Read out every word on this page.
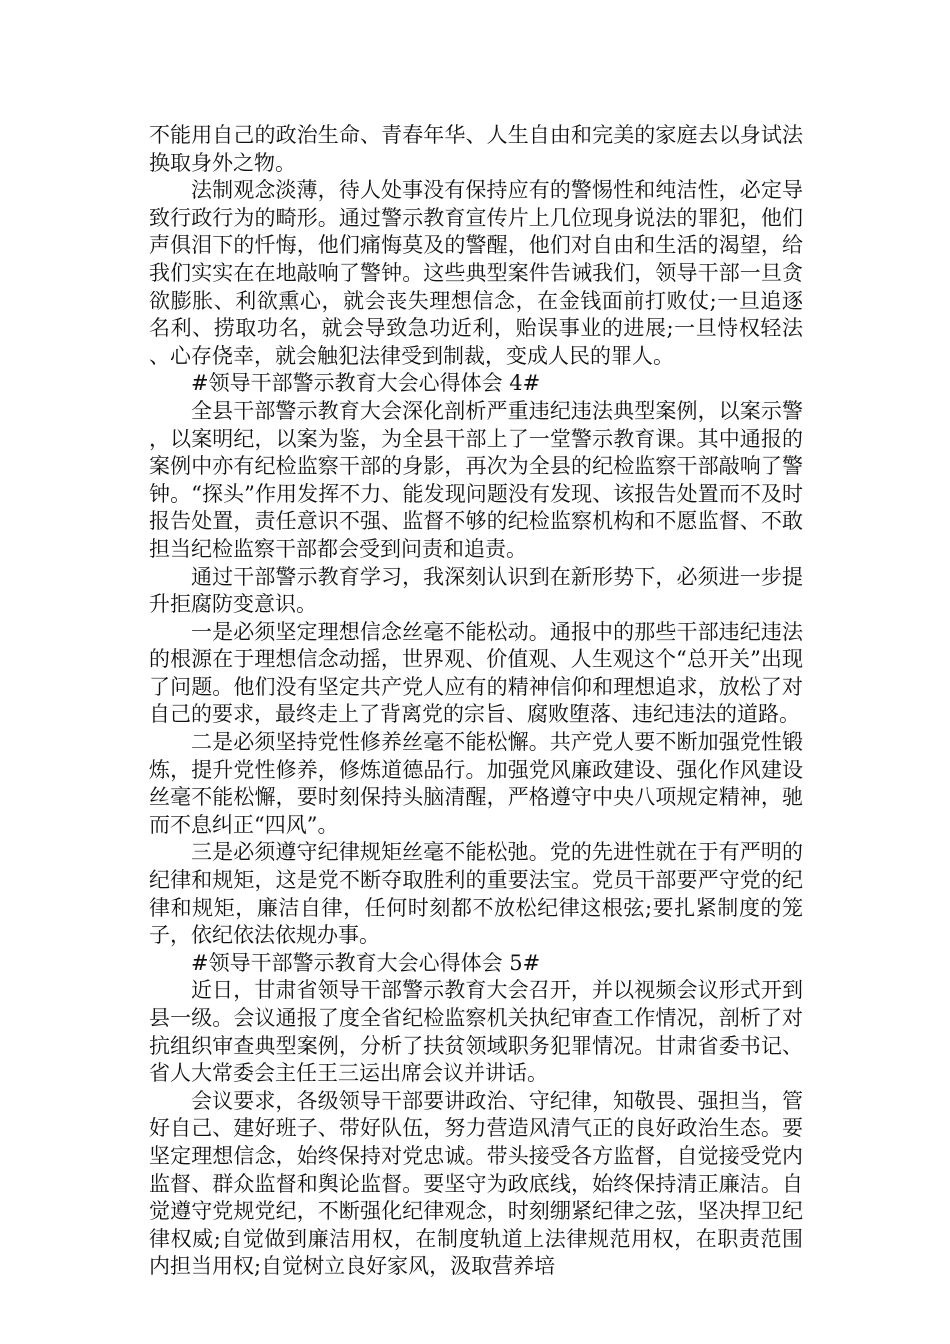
不能用自己的政治生命、青春年华、人生自由和完美的家庭去以身试法换取身外之物。

法制观念淡薄，待人处事没有保持应有的警惕性和纯洁性，必定导致行政行为的畸形。通过警示教育宣传片上几位现身说法的罪犯，他们声俱泪下的忏悔，他们痛悔莫及的警醒，他们对自由和生活的渴望，给我们实实在在地敲响了警钟。这些典型案件告诫我们，领导干部一旦贪欲膨胀、利欲熏心，就会丧失理想信念，在金钱面前打败仗;一旦追逐名利、捞取功名，就会导致急功近利，贻误事业的进展;一旦恃权轻法、心存侥幸，就会触犯法律受到制裁，变成人民的罪人。

#领导干部警示教育大会心得体会 4#

全县干部警示教育大会深化剖析严重违纪违法典型案例，以案示警，以案明纪，以案为鉴，为全县干部上了一堂警示教育课。其中通报的案例中亦有纪检监察干部的身影，再次为全县的纪检监察干部敲响了警钟。“探头”作用发挥不力、能发现问题没有发现、该报告处置而不及时报告处置，责任意识不强、监督不够的纪检监察机构和不愿监督、不敢担当纪检监察干部都会受到问责和追责。

通过干部警示教育学习，我深刻认识到在新形势下，必须进一步提升拒腐防变意识。

一是必须坚定理想信念丝毫不能松动。通报中的那些干部违纪违法的根源在于理想信念动摇，世界观、价值观、人生观这个“总开关”出现了问题。他们没有坚定共产党人应有的精神信仰和理想追求，放松了对自己的要求，最终走上了背离党的宗旨、腐败堕落、违纪违法的道路。

二是必须坚持党性修养丝毫不能松懈。共产党人要不断加强党性锻炼，提升党性修养，修炼道德品行。加强党风廉政建设、强化作风建设丝毫不能松懈，要时刻保持头脑清醒，严格遵守中央八项规定精神，驰而不息纠正“四风”。

三是必须遵守纪律规矩丝毫不能松弛。党的先进性就在于有严明的纪律和规矩，这是党不断夺取胜利的重要法宝。党员干部要严守党的纪律和规矩，廉洁自律，任何时刻都不放松纪律这根弦;要扎紧制度的笼子，依纪依法依规办事。

#领导干部警示教育大会心得体会 5#

近日，甘肃省领导干部警示教育大会召开，并以视频会议形式开到县一级。会议通报了度全省纪检监察机关执纪审查工作情况，剖析了对抗组织审查典型案例，分析了扶贫领域职务犯罪情况。甘肃省委书记、省人大常委会主任王三运出席会议并讲话。

会议要求，各级领导干部要讲政治、守纪律，知敬畏、强担当，管好自己、建好班子、带好队伍，努力营造风清气正的良好政治生态。要坚定理想信念，始终保持对党忠诚。带头接受各方监督，自觉接受党内监督、群众监督和舆论监督。要坚守为政底线，始终保持清正廉洁。自觉遵守党规党纪，不断强化纪律观念，时刻绷紧纪律之弦，坚决捍卫纪律权威;自觉做到廉洁用权，在制度轨道上法律规范用权，在职责范围内担当用权;自觉树立良好家风，汲取营养培
